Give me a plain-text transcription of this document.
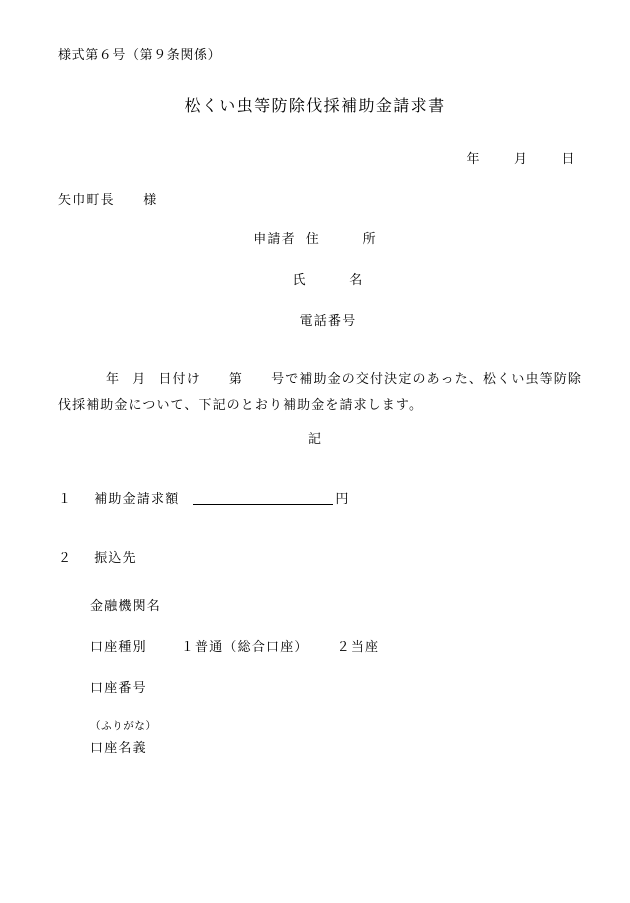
様式第６号（第９条関係）
松くい虫等防除伐採補助金請求書
年	月	日
矢巾町長　　様
申請者 住　　　所
氏　　　名
電話番号
年 月 日付け 第 号で補助金の交付決定のあった、松くい虫等防除伐採補助金について、下記のとおり補助金を請求します。
記
１ 補助金請求額	円
２ 振込先
金融機関名
口座種別	１普通（総合口座） ２当座
口座番号
（ふりがな）
口座名義
